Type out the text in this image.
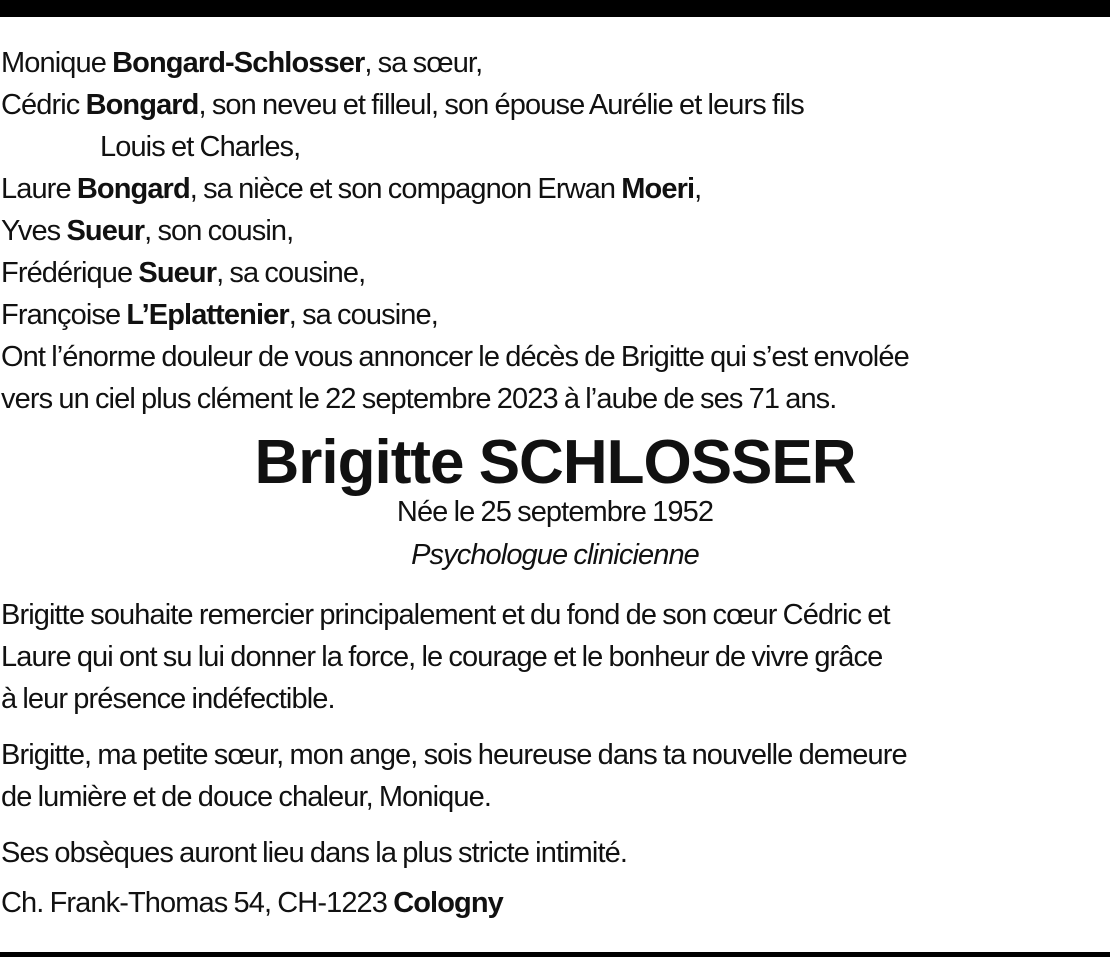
Monique Bongard-Schlosser, sa sœur,
Cédric Bongard, son neveu et filleul, son épouse Aurélie et leurs fils
Louis et Charles,
Laure Bongard, sa nièce et son compagnon Erwan Moeri,
Yves Sueur, son cousin,
Frédérique Sueur, sa cousine,
Françoise L’Eplattenier, sa cousine,
Ont l’énorme douleur de vous annoncer le décès de Brigitte qui s’est envolée
vers un ciel plus clément le 22 septembre 2023 à l’aube de ses 71 ans.
Brigitte SCHLOSSER
Née le 25 septembre 1952
Psychologue clinicienne
Brigitte souhaite remercier principalement et du fond de son cœur Cédric et
Laure qui ont su lui donner la force, le courage et le bonheur de vivre grâce
à leur présence indéfectible.
Brigitte, ma petite sœur, mon ange, sois heureuse dans ta nouvelle demeure
de lumière et de douce chaleur, Monique.
Ses obsèques auront lieu dans la plus stricte intimité.
Ch. Frank-Thomas 54, CH-1223 Cologny
